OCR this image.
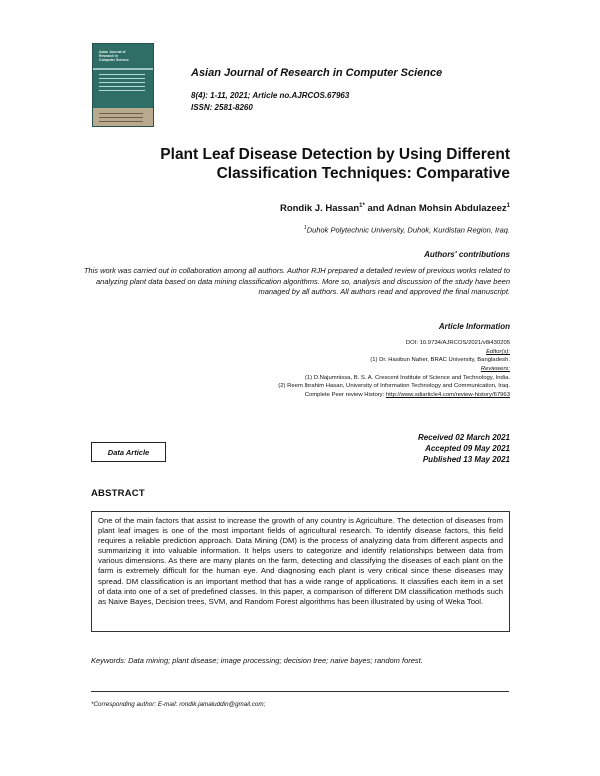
Asian Journal of
Research in
Computer Science
Asian Journal of Research in Computer Science
8(4): 1-11, 2021; Article no.AJRCOS.67963
ISSN: 2581-8260
Plant Leaf Disease Detection by Using Different
Classification Techniques: Comparative
Rondik J. Hassan$^{1*}$ and Adnan Mohsin Abdulazeez$^1$
$^1$Duhok Polytechnic University, Duhok, Kurdistan Region, Iraq.
Authors' contributions
This work was carried out in collaboration among all authors. Author RJH prepared a detailed review of previous works related to analyzing plant data based on data mining classification algorithms. More so, analysis and discussion of the study have been managed by all authors. All authors read and approved the final manuscript.
Article Information
DOI: 10.9734/AJRCOS/2021/v8i430205
Editor(s):
(1) Dr. Hasibun Naher, BRAC University, Bangladesh.
Reviewers:
(1) D.Najumnissa, B. S. A. Crescent Institute of Science and Technology, India.
(2) Reem Ibrahim Hasan, University of Information Technology and Communication, Iraq.
Complete Peer review History: http://www.sdiarticle4.com/review-history/67963
Data Article
Received 02 March 2021
Accepted 09 May 2021
Published 13 May 2021
ABSTRACT
One of the main factors that assist to increase the growth of any country is Agriculture. The detection of diseases from plant leaf images is one of the most important fields of agricultural research. To identify disease factors, this field requires a reliable prediction approach. Data Mining (DM) is the process of analyzing data from different aspects and summarizing it into valuable information. It helps users to categorize and identify relationships between data from various dimensions. As there are many plants on the farm, detecting and classifying the diseases of each plant on the farm is extremely difficult for the human eye. And diagnosing each plant is very critical since these diseases may spread. DM classification is an important method that has a wide range of applications. It classifies each item in a set of data into one of a set of predefined classes. In this paper, a comparison of different DM classification methods such as Naive Bayes, Decision trees, SVM, and Random Forest algorithms has been illustrated by using of Weka Tool.
Keywords: Data mining; plant disease; image processing; decision tree; naive bayes; random forest.
*Corresponding author: E-mail: rondik.jamaluddin@gmail.com;
